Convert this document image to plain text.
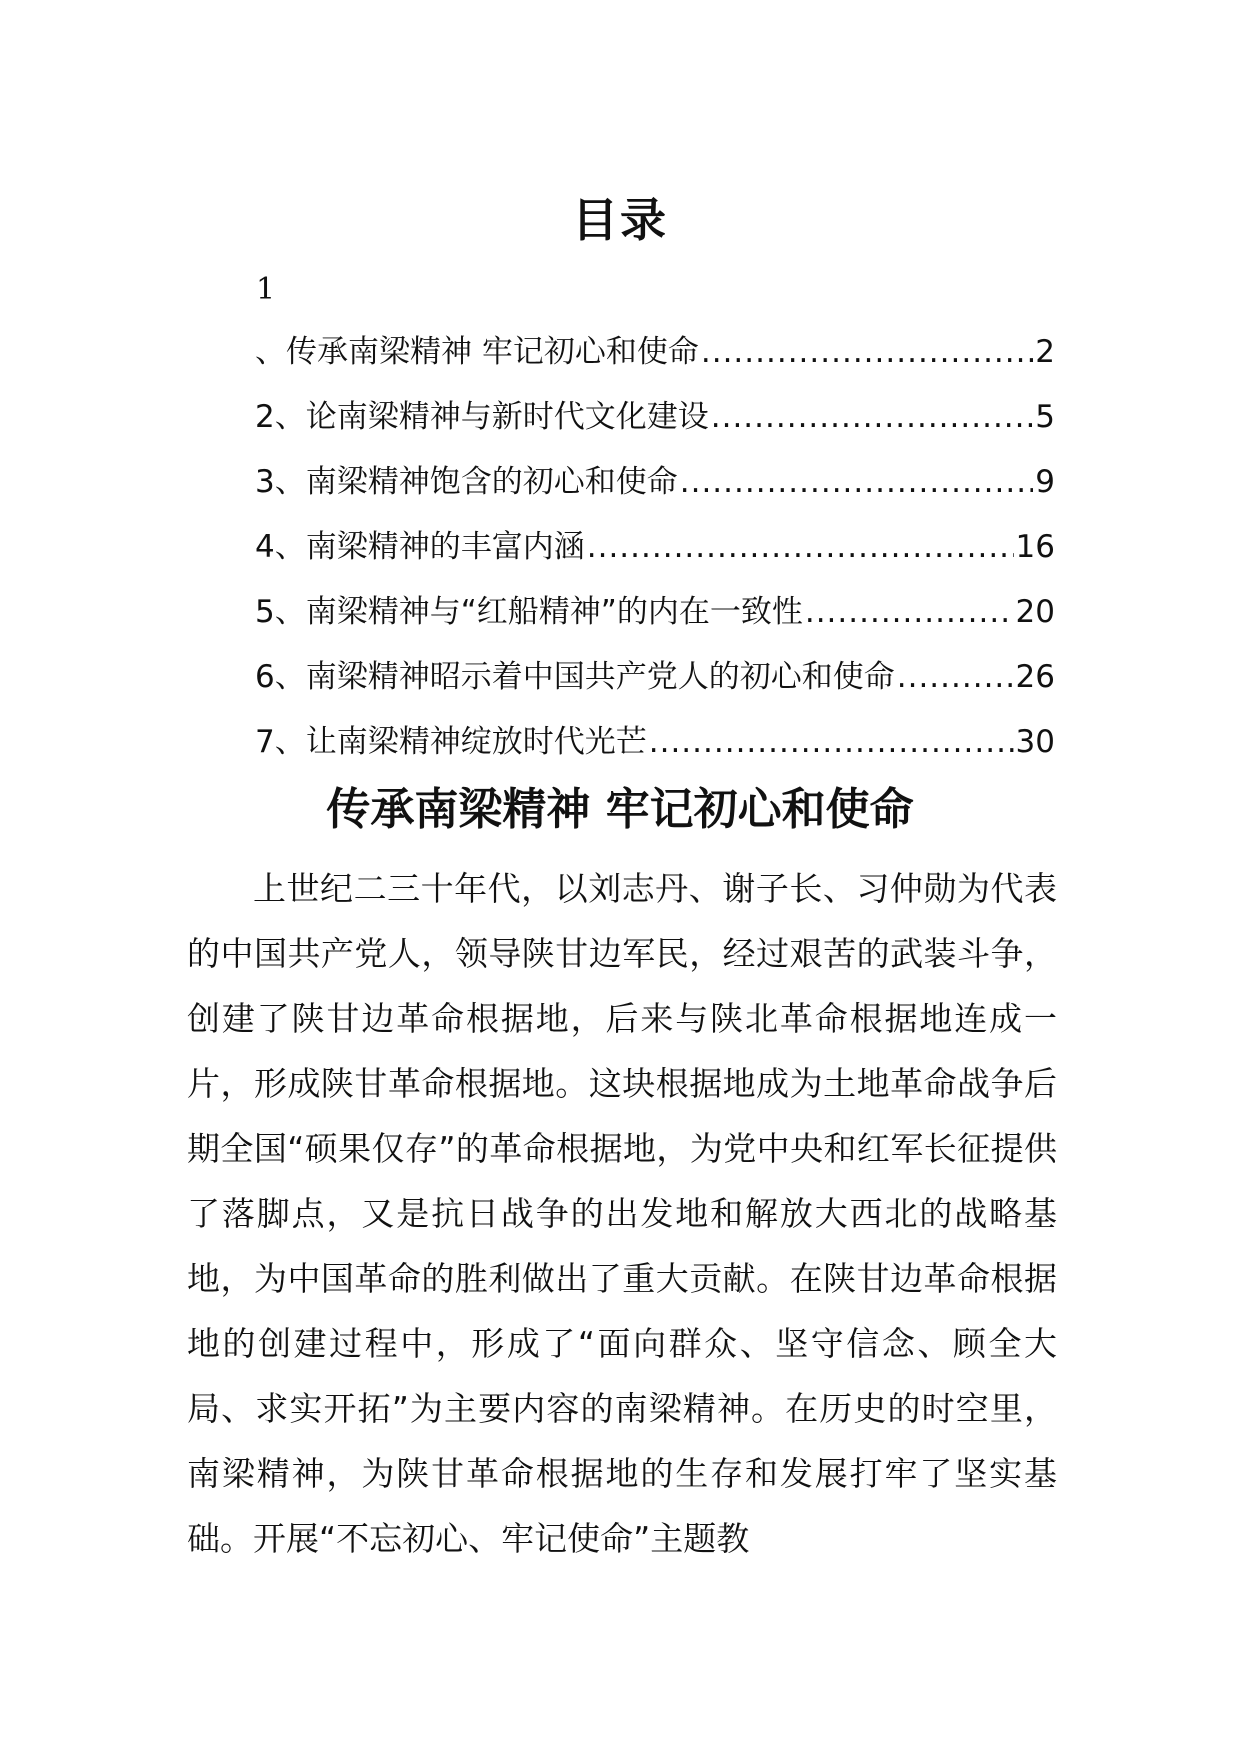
目录
1
、传承南梁精神 牢记初心和使命 .....	2
2、论南梁精神与新时代文化建设 .....	5
3、南梁精神饱含的初心和使命 .....	9
4、南梁精神的丰富内涵 .....	16
5、南梁精神与“红船精神”的内在一致性 .....	20
6、南梁精神昭示着中国共产党人的初心和使命 .....	26
7、让南梁精神绽放时代光芒 .....	30
传承南梁精神 牢记初心和使命

上世纪二三十年代，以刘志丹、谢子长、习仲勋为代表的中国共产党人，领导陕甘边军民，经过艰苦的武装斗争，创建了陕甘边革命根据地，后来与陕北革命根据地连成一片，形成陕甘革命根据地。这块根据地成为土地革命战争后期全国“硕果仅存”的革命根据地，为党中央和红军长征提供了落脚点，又是抗日战争的出发地和解放大西北的战略基地，为中国革命的胜利做出了重大贡献。在陕甘边革命根据地的创建过程中，形成了“面向群众、坚守信念、顾全大局、求实开拓”为主要内容的南梁精神。在历史的时空里，南梁精神，为陕甘革命根据地的生存和发展打牢了坚实基础。开展“不忘初心、牢记使命”主题教
